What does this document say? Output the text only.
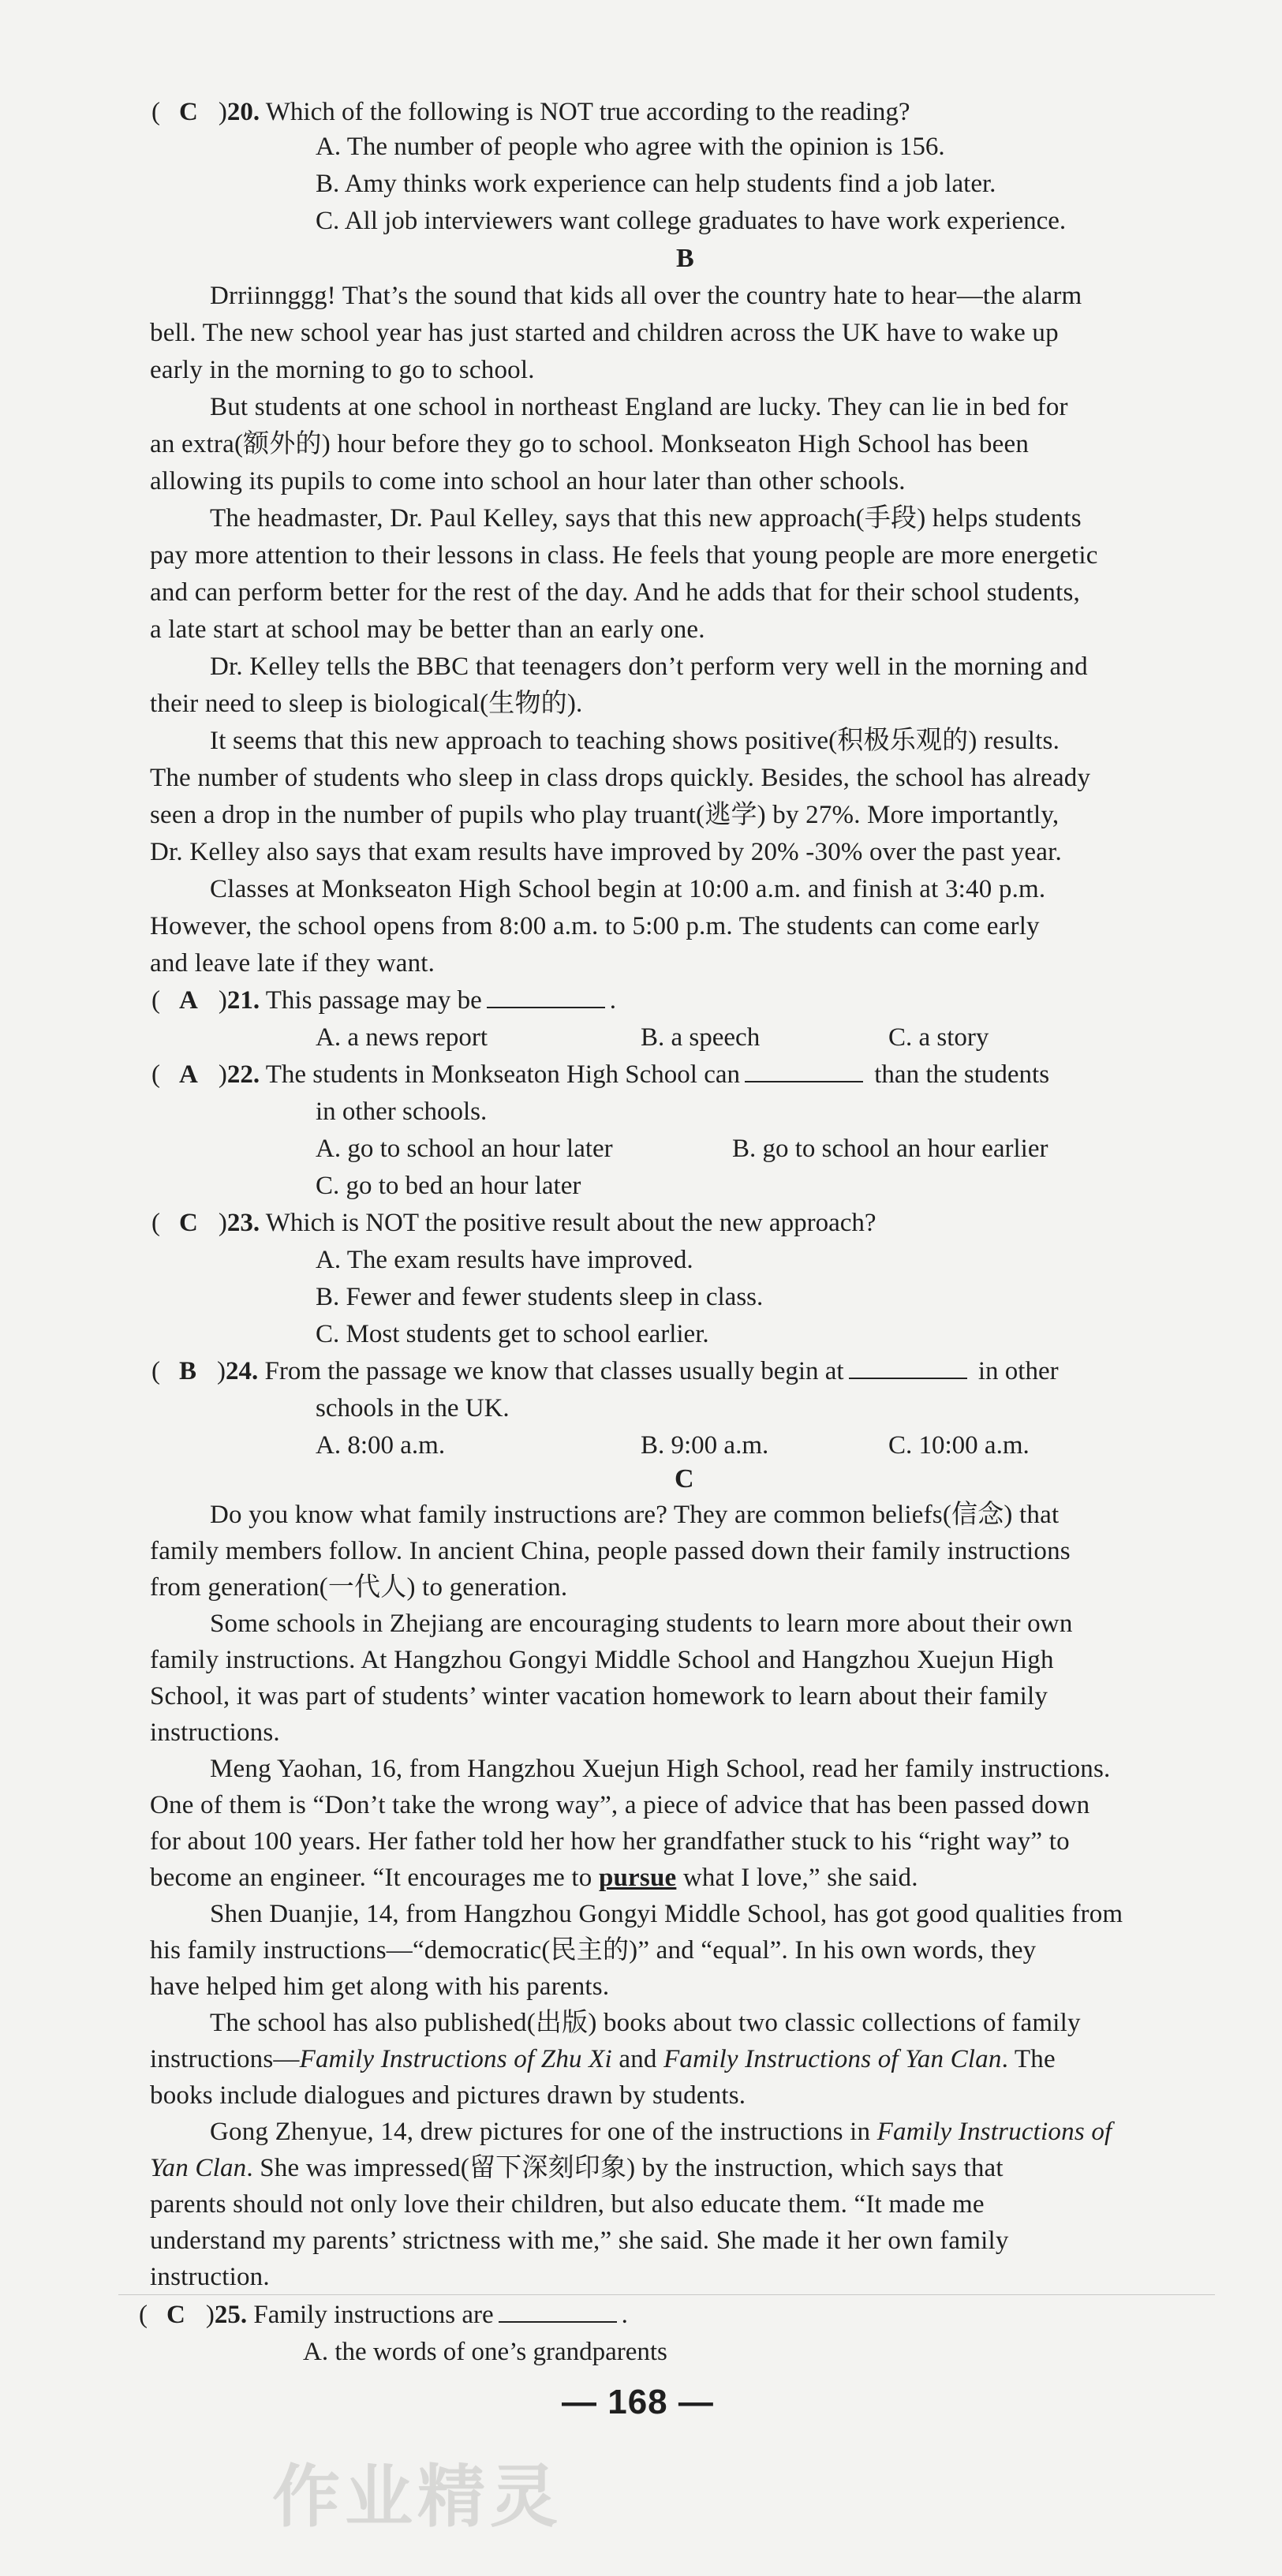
( C )20. Which of the following is NOT true according to the reading?
A. The number of people who agree with the opinion is 156.
B. Amy thinks work experience can help students find a job later.
C. All job interviewers want college graduates to have work experience.
B
Drriinnggg! That’s the sound that kids all over the country hate to hear—the alarm
bell. The new school year has just started and children across the UK have to wake up
early in the morning to go to school.
But students at one school in northeast England are lucky. They can lie in bed for
an extra(额外的) hour before they go to school. Monkseaton High School has been
allowing its pupils to come into school an hour later than other schools.
The headmaster, Dr. Paul Kelley, says that this new approach(手段) helps students
pay more attention to their lessons in class. He feels that young people are more energetic
and can perform better for the rest of the day. And he adds that for their school students,
a late start at school may be better than an early one.
Dr. Kelley tells the BBC that teenagers don’t perform very well in the morning and
their need to sleep is biological(生物的).
It seems that this new approach to teaching shows positive(积极乐观的) results.
The number of students who sleep in class drops quickly. Besides, the school has already
seen a drop in the number of pupils who play truant(逃学) by 27%. More importantly,
Dr. Kelley also says that exam results have improved by 20% -30% over the past year.
Classes at Monkseaton High School begin at 10:00 a.m. and finish at 3:40 p.m.
However, the school opens from 8:00 a.m. to 5:00 p.m. The students can come early
and leave late if they want.
( A )21. This passage may be	.
A. a news report	B. a speech	C. a story
( A )22. The students in Monkseaton High School can	than the students
in other schools.
A. go to school an hour later	B. go to school an hour earlier
C. go to bed an hour later
( C )23. Which is NOT the positive result about the new approach?
A. The exam results have improved.
B. Fewer and fewer students sleep in class.
C. Most students get to school earlier.
( B )24. From the passage we know that classes usually begin at	in other
schools in the UK.
A. 8:00 a.m.	B. 9:00 a.m.	C. 10:00 a.m.
C
Do you know what family instructions are? They are common beliefs(信念) that
family members follow. In ancient China, people passed down their family instructions
from generation(一代人) to generation.
Some schools in Zhejiang are encouraging students to learn more about their own
family instructions. At Hangzhou Gongyi Middle School and Hangzhou Xuejun High
School, it was part of students’ winter vacation homework to learn about their family
instructions.
Meng Yaohan, 16, from Hangzhou Xuejun High School, read her family instructions.
One of them is “Don’t take the wrong way”, a piece of advice that has been passed down
for about 100 years. Her father told her how her grandfather stuck to his “right way” to
become an engineer. “It encourages me to pursue what I love,” she said.
Shen Duanjie, 14, from Hangzhou Gongyi Middle School, has got good qualities from
his family instructions—“democratic(民主的)” and “equal”. In his own words, they
have helped him get along with his parents.
The school has also published(出版) books about two classic collections of family
instructions—Family Instructions of Zhu Xi and Family Instructions of Yan Clan. The
books include dialogues and pictures drawn by students.
Gong Zhenyue, 14, drew pictures for one of the instructions in Family Instructions of
Yan Clan. She was impressed(留下深刻印象) by the instruction, which says that
parents should not only love their children, but also educate them. “It made me
understand my parents’ strictness with me,” she said. She made it her own family
instruction.
( C )25. Family instructions are	.
A. the words of one’s grandparents
— 168 —
作业精灵
